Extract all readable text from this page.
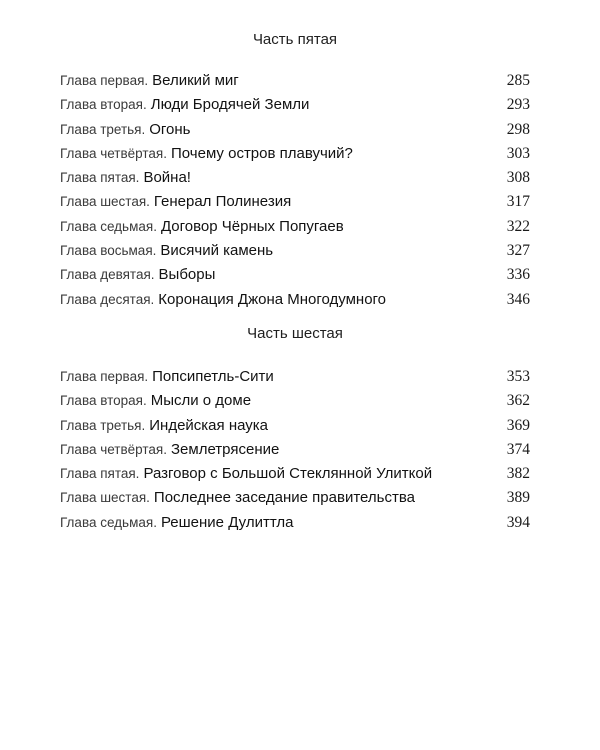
Часть пятая
Глава первая. Великий миг	285
Глава вторая. Люди Бродячей Земли	293
Глава третья. Огонь	298
Глава четвёртая. Почему остров плавучий?	303
Глава пятая. Война!	308
Глава шестая. Генерал Полинезия	317
Глава седьмая. Договор Чёрных Попугаев	322
Глава восьмая. Висячий камень	327
Глава девятая. Выборы	336
Глава десятая. Коронация Джона Многодумного	346
Часть шестая
Глава первая. Попсипетль-Сити	353
Глава вторая. Мысли о доме	362
Глава третья. Индейская наука	369
Глава четвёртая. Землетрясение	374
Глава пятая. Разговор с Большой Стеклянной Улиткой	382
Глава шестая. Последнее заседание правительства	389
Глава седьмая. Решение Дулиттла	394
